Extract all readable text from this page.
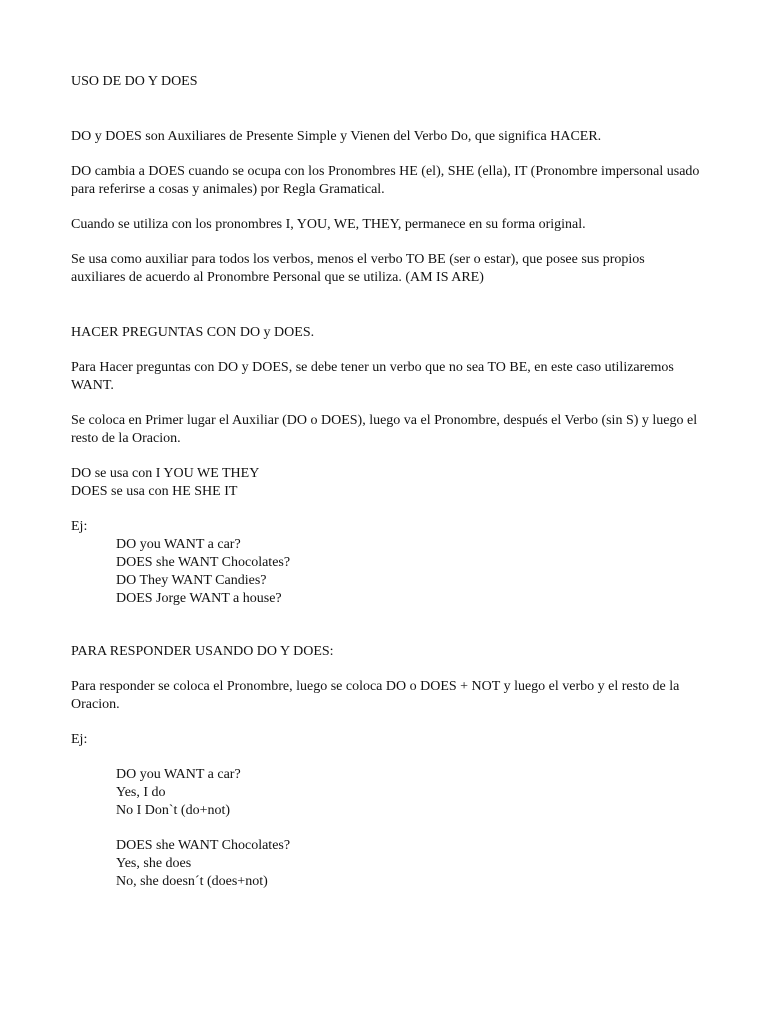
USO DE DO Y DOES

DO y DOES son Auxiliares de Presente Simple y Vienen del Verbo Do, que significa HACER.

DO cambia a DOES cuando se ocupa con los Pronombres HE (el), SHE (ella), IT (Pronombre impersonal usado para referirse a cosas y animales) por Regla Gramatical.

Cuando se utiliza con los pronombres I, YOU, WE, THEY, permanece en su forma original.

Se usa como auxiliar para todos los verbos, menos el verbo TO BE (ser o estar), que posee sus propios auxiliares de acuerdo al Pronombre Personal que se utiliza. (AM IS ARE)

HACER PREGUNTAS CON DO y DOES.

Para Hacer preguntas con DO y DOES, se debe tener un verbo que no sea TO BE, en este caso utilizaremos WANT.

Se coloca en Primer lugar el Auxiliar (DO o DOES), luego va el Pronombre, después el Verbo (sin S) y luego el resto de la Oracion.

DO se usa con I YOU WE THEY

DOES se usa con HE SHE IT

Ej:

DO you WANT a car?

DOES she WANT Chocolates?

DO They WANT Candies?

DOES Jorge WANT a house?

PARA RESPONDER USANDO DO Y DOES:

Para responder se coloca el Pronombre, luego se coloca DO o DOES + NOT y luego el verbo y el resto de la Oracion.

Ej:

DO you WANT a car?

Yes, I do

No I Don`t (do+not)

DOES she WANT Chocolates?

Yes, she does

No, she doesn´t (does+not)
